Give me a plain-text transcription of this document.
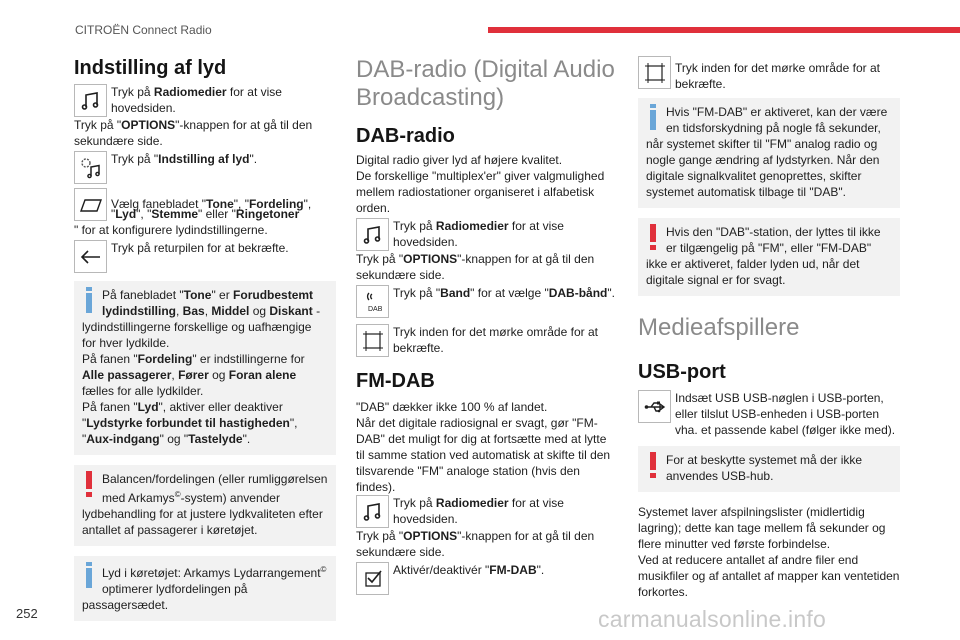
CITROËN Connect Radio

Indstilling af lyd

Tryk på Radiomedier for at vise hovedsiden.

Tryk på "OPTIONS"-knappen for at gå til den sekundære side.

Tryk på "Indstilling af lyd".

Vælg fanebladet "Tone", "Fordeling",

"Lyd", "Stemme" eller "Ringetoner

" for at konfigurere lydindstillingerne.

Tryk på returpilen for at bekræfte.

På fanebladet "Tone" er Forudbestemt lydindstilling, Bas, Middel og Diskant -lydindstillingerne forskellige og uafhængige for hver lydkilde.
På fanen "Fordeling" er indstillingerne for Alle passagerer, Fører og Foran alene fælles for alle lydkilder.
På fanen "Lyd", aktiver eller deaktiver "Lydstyrke forbundet til hastigheden", "Aux-indgang" og "Tastelyde".

Balancen/fordelingen (eller rumliggørelsen med Arkamys©-system) anvender lydbehandling for at justere lydkvaliteten efter antallet af passagerer i køretøjet.

Lyd i køretøjet: Arkamys Lydarrangement© optimerer lydfordelingen på passagersædet.

DAB-radio (Digital Audio Broadcasting)

DAB-radio

Digital radio giver lyd af højere kvalitet.

De forskellige "multiplex'er" giver valgmulighed mellem radiostationer organiseret i alfabetisk orden.

Tryk på Radiomedier for at vise hovedsiden.

Tryk på "OPTIONS"-knappen for at gå til den sekundære side.

DAB

Tryk på "Band" for at vælge "DAB-bånd".

Tryk inden for det mørke område for at bekræfte.

FM-DAB

"DAB" dækker ikke 100 % af landet.

Når det digitale radiosignal er svagt, gør "FM-DAB" det muligt for dig at fortsætte med at lytte til samme station ved automatisk at skifte til den tilsvarende "FM" analoge station (hvis den findes).

Tryk på Radiomedier for at vise hovedsiden.

Tryk på "OPTIONS"-knappen for at gå til den sekundære side.

Aktivér/deaktivér "FM-DAB".

Tryk inden for det mørke område for at bekræfte.

Hvis "FM-DAB" er aktiveret, kan der være en tidsforskydning på nogle få sekunder, når systemet skifter til "FM" analog radio og nogle gange ændring af lydstyrken. Når den digitale signalkvalitet genoprettes, skifter systemet automatisk tilbage til "DAB".

Hvis den "DAB"-station, der lyttes til ikke er tilgængelig på "FM", eller "FM-DAB" ikke er aktiveret, falder lyden ud, når det digitale signal er for svagt.

Medieafspillere

USB-port

Indsæt USB USB-nøglen i USB-porten, eller tilslut USB-enheden i USB-porten vha. et passende kabel (følger ikke med).

For at beskytte systemet må der ikke anvendes USB-hub.

Systemet laver afspilningslister (midlertidig lagring); dette kan tage mellem få sekunder og flere minutter ved første forbindelse.

Ved at reducere antallet af andre filer end musikfiler og af antallet af mapper kan ventetiden forkortes.

252	carmanualsonline.info
